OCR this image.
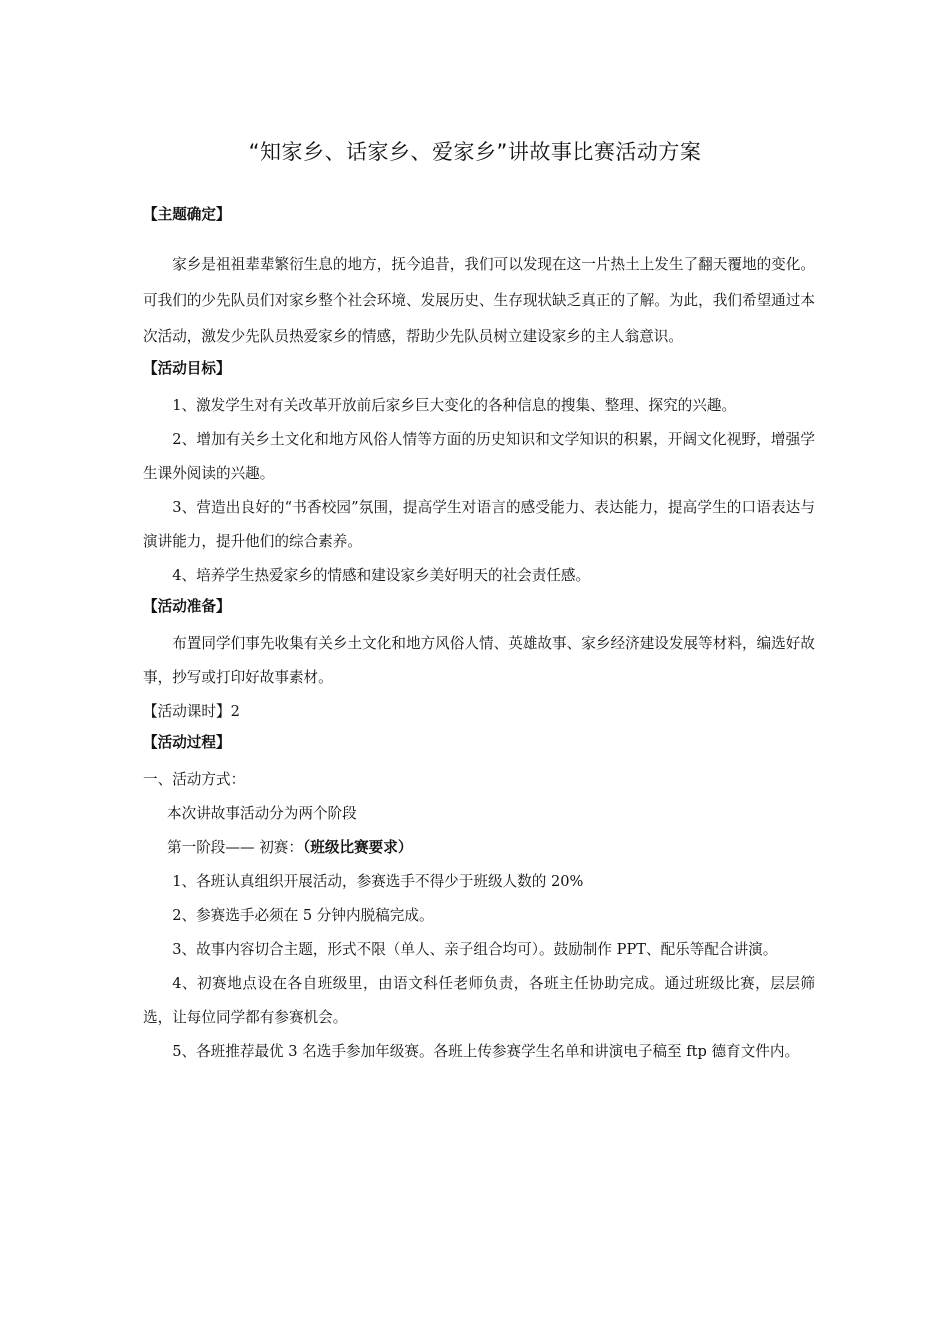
“知家乡、话家乡、爱家乡”讲故事比赛活动方案

【主题确定】

家乡是祖祖辈辈繁衍生息的地方，抚今追昔，我们可以发现在这一片热土上发生了翻天覆地的变化。可我们的少先队员们对家乡整个社会环境、发展历史、生存现状缺乏真正的了解。为此，我们希望通过本次活动，激发少先队员热爱家乡的情感，帮助少先队员树立建设家乡的主人翁意识。

【活动目标】

1、激发学生对有关改革开放前后家乡巨大变化的各种信息的搜集、整理、探究的兴趣。

2、增加有关乡土文化和地方风俗人情等方面的历史知识和文学知识的积累，开阔文化视野，增强学生课外阅读的兴趣。

3、营造出良好的“书香校园”氛围，提高学生对语言的感受能力、表达能力，提高学生的口语表达与演讲能力，提升他们的综合素养。

4、培养学生热爱家乡的情感和建设家乡美好明天的社会责任感。

【活动准备】

布置同学们事先收集有关乡土文化和地方风俗人情、英雄故事、家乡经济建设发展等材料，编选好故事，抄写或打印好故事素材。

【活动课时】2

【活动过程】

一、活动方式：

本次讲故事活动分为两个阶段

第一阶段—— 初赛：（班级比赛要求）

1、各班认真组织开展活动，参赛选手不得少于班级人数的 20%

2、参赛选手必须在 5 分钟内脱稿完成。

3、故事内容切合主题，形式不限（单人、亲子组合均可）。鼓励制作 PPT、配乐等配合讲演。

4、初赛地点设在各自班级里，由语文科任老师负责，各班主任协助完成。通过班级比赛，层层筛选，让每位同学都有参赛机会。

5、各班推荐最优 3 名选手参加年级赛。各班上传参赛学生名单和讲演电子稿至 ftp 德育文件内。
